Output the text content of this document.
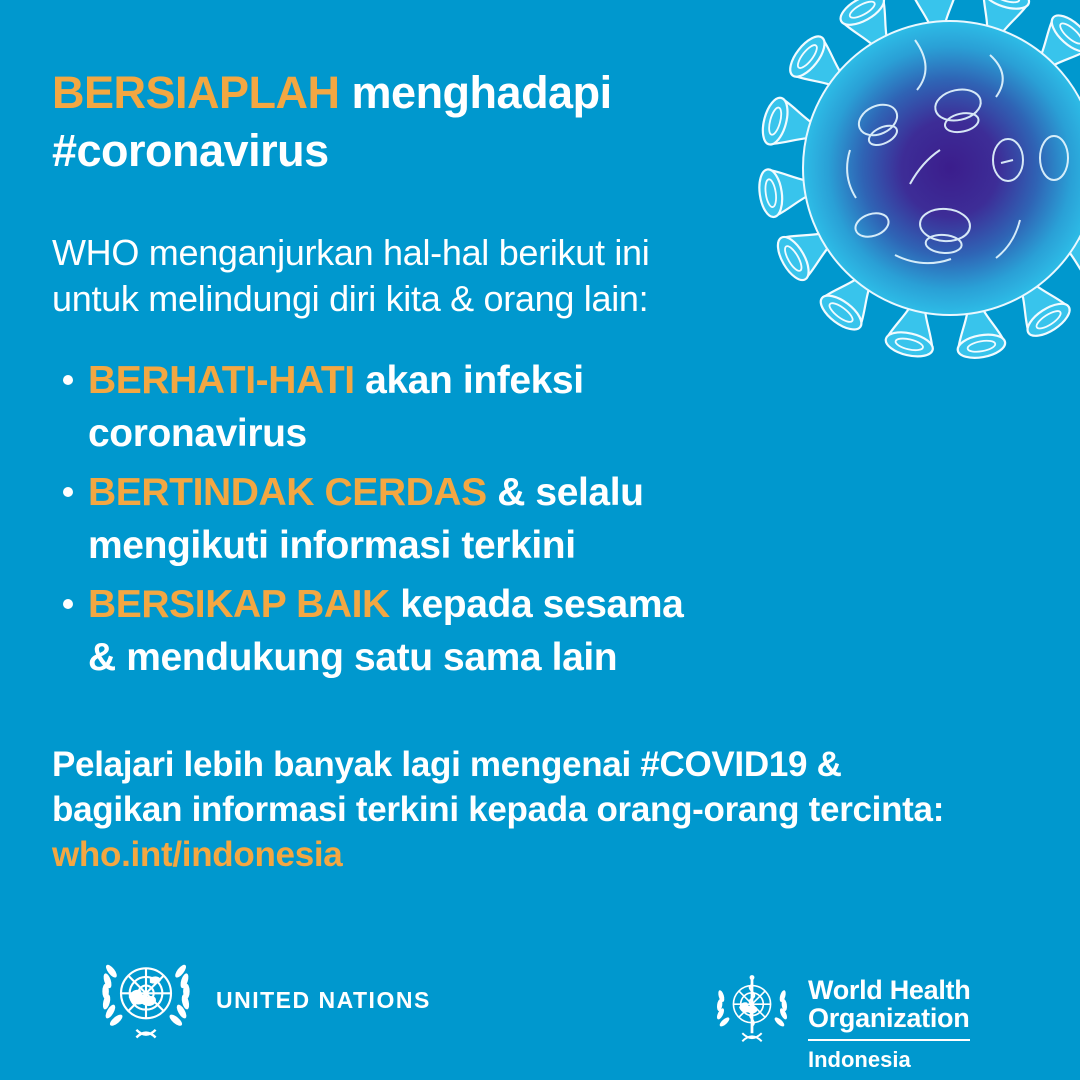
BERSIAPLAH menghadapi
#coronavirus
WHO menganjurkan hal-hal berikut ini
untuk melindungi diri kita & orang lain:
BERHATI-HATI akan infeksi
coronavirus
BERTINDAK CERDAS & selalu
mengikuti informasi terkini
BERSIKAP BAIK kepada sesama
& mendukung satu sama lain
Pelajari lebih banyak lagi mengenai #COVID19 &
bagikan informasi terkini kepada orang-orang tercinta:
who.int/indonesia
UNITED NATIONS	World Health
Organization
Indonesia
